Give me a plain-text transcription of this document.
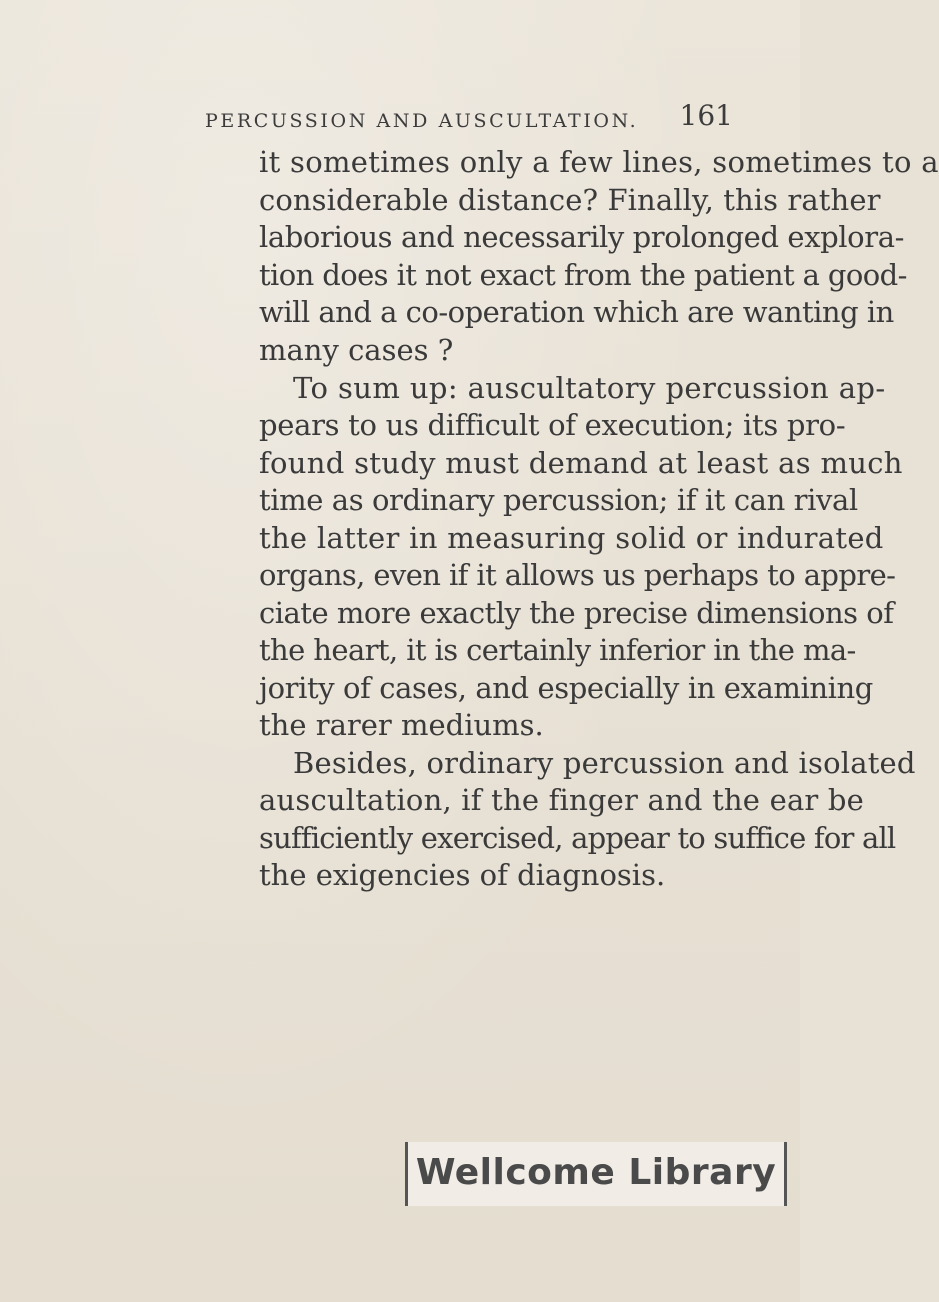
PERCUSSION AND AUSCULTATION. 161
it sometimes only a few lines, sometimes to a
considerable distance? Finally, this rather
laborious and necessarily prolonged explora-
tion does it not exact from the patient a good-
will and a co-operation which are wanting in
many cases ?
To sum up: auscultatory percussion ap-
pears to us difficult of execution; its pro-
found study must demand at least as much
time as ordinary percussion; if it can rival
the latter in measuring solid or indurated
organs, even if it allows us perhaps to appre-
ciate more exactly the precise dimensions of
the heart, it is certainly inferior in the ma-
jority of cases, and especially in examining
the rarer mediums.
Besides, ordinary percussion and isolated
auscultation, if the finger and the ear be
sufficiently exercised, appear to suffice for all
the exigencies of diagnosis.
Wellcome Library
